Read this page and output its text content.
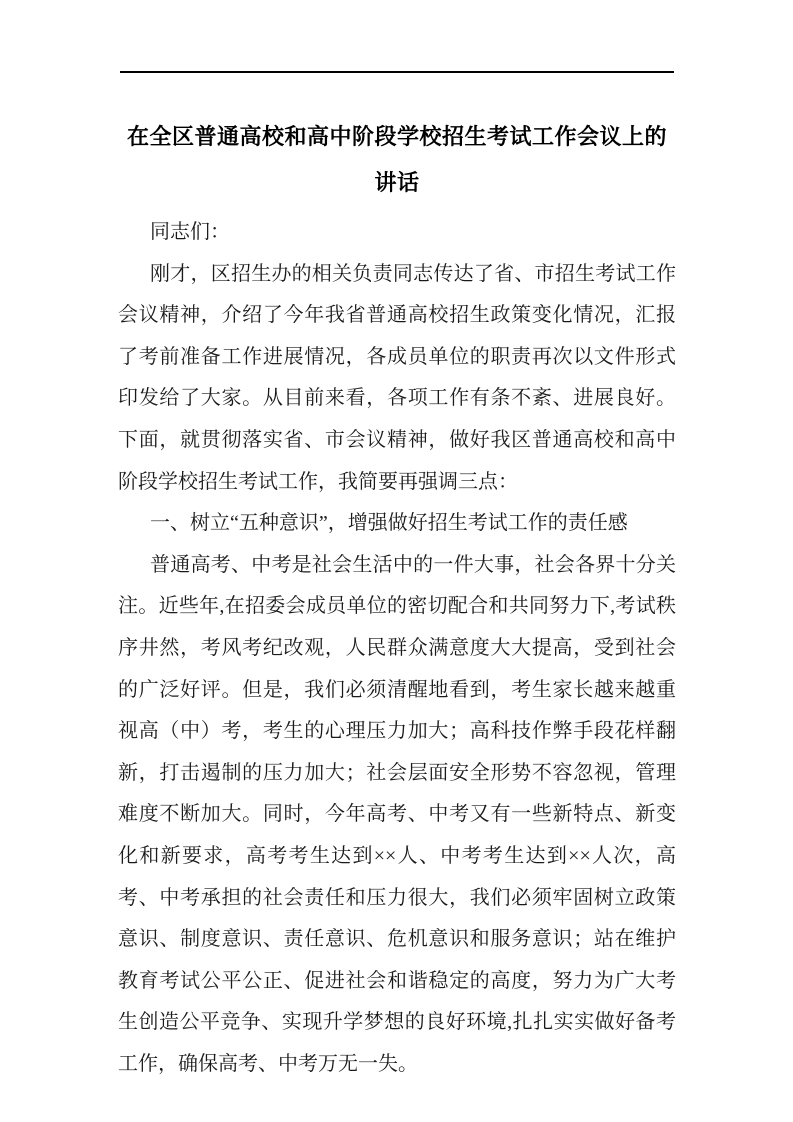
在全区普通高校和高中阶段学校招生考试工作会议上的讲话

同志们：

刚才，区招生办的相关负责同志传达了省、市招生考试工作会议精神，介绍了今年我省普通高校招生政策变化情况，汇报了考前准备工作进展情况，各成员单位的职责再次以文件形式印发给了大家。从目前来看，各项工作有条不紊、进展良好。下面，就贯彻落实省、市会议精神，做好我区普通高校和高中阶段学校招生考试工作，我简要再强调三点：

一、树立“五种意识”，增强做好招生考试工作的责任感

普通高考、中考是社会生活中的一件大事，社会各界十分关注。近些年,在招委会成员单位的密切配合和共同努力下,考试秩序井然，考风考纪改观，人民群众满意度大大提高，受到社会的广泛好评。但是，我们必须清醒地看到，考生家长越来越重视高（中）考，考生的心理压力加大；高科技作弊手段花样翻新，打击遏制的压力加大；社会层面安全形势不容忽视，管理难度不断加大。同时，今年高考、中考又有一些新特点、新变化和新要求，高考考生达到××人、中考考生达到××人次，高考、中考承担的社会责任和压力很大，我们必须牢固树立政策意识、制度意识、责任意识、危机意识和服务意识；站在维护教育考试公平公正、促进社会和谐稳定的高度，努力为广大考生创造公平竞争、实现升学梦想的良好环境,扎扎实实做好备考工作，确保高考、中考万无一失。
